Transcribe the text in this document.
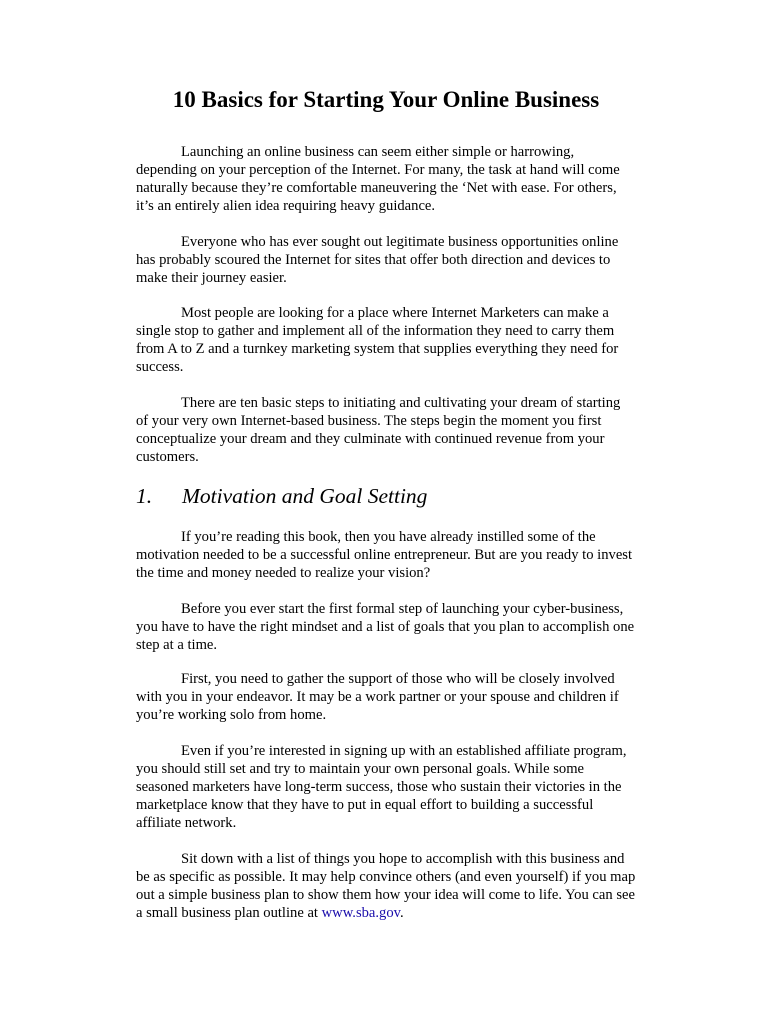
10 Basics for Starting Your Online Business

Launching an online business can seem either simple or harrowing, depending on your perception of the Internet. For many, the task at hand will come naturally because they’re comfortable maneuvering the ‘Net with ease. For others, it’s an entirely alien idea requiring heavy guidance.

Everyone who has ever sought out legitimate business opportunities online has probably scoured the Internet for sites that offer both direction and devices to make their journey easier.

Most people are looking for a place where Internet Marketers can make a single stop to gather and implement all of the information they need to carry them from A to Z and a turnkey marketing system that supplies everything they need for success.

There are ten basic steps to initiating and cultivating your dream of starting of your very own Internet-based business. The steps begin the moment you first conceptualize your dream and they culminate with continued revenue from your customers.

1. Motivation and Goal Setting

If you’re reading this book, then you have already instilled some of the motivation needed to be a successful online entrepreneur. But are you ready to invest the time and money needed to realize your vision?

Before you ever start the first formal step of launching your cyber-business, you have to have the right mindset and a list of goals that you plan to accomplish one step at a time.

First, you need to gather the support of those who will be closely involved with you in your endeavor. It may be a work partner or your spouse and children if you’re working solo from home.

Even if you’re interested in signing up with an established affiliate program, you should still set and try to maintain your own personal goals. While some seasoned marketers have long-term success, those who sustain their victories in the marketplace know that they have to put in equal effort to building a successful affiliate network.

Sit down with a list of things you hope to accomplish with this business and be as specific as possible. It may help convince others (and even yourself) if you map out a simple business plan to show them how your idea will come to life. You can see a small business plan outline at www.sba.gov.
